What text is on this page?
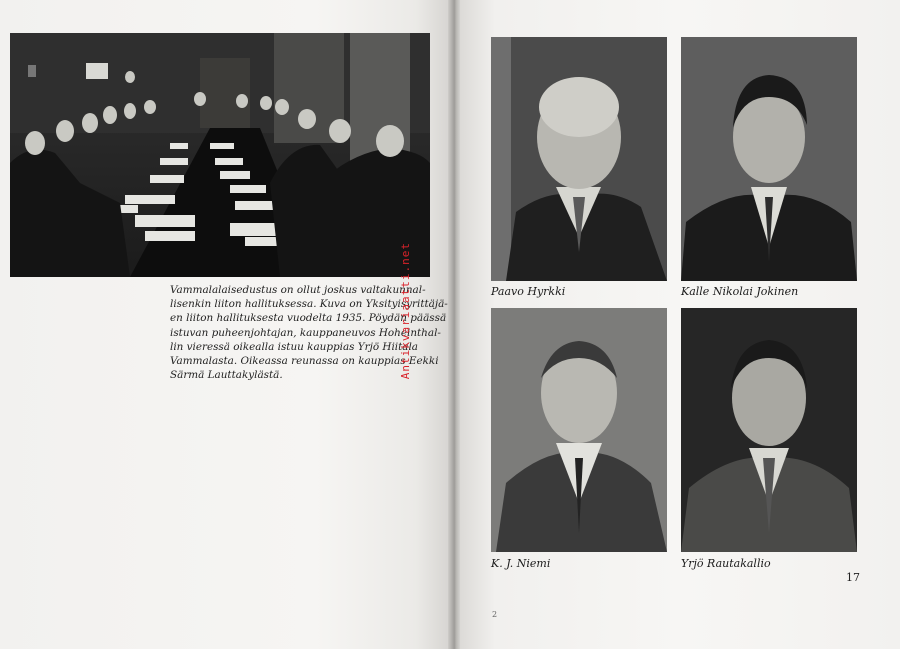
Vammalalaisedustus on ollut joskus valtakunnal-
lisenkin liiton hallituksessa. Kuva on Yksityisyrittäjä-
en liiton hallituksesta vuodelta 1935. Pöydän päässä
istuvan puheenjohtajan, kauppaneuvos Hoheinthal-
lin vieressä oikealla istuu kauppias Yrjö Hiitala
Vammalasta. Oikeassa reunassa on kauppias Eekki
Särmä Lauttakylästä.	Antikvariaatti.net	Paavo Hyrkki	Kalle Nikolai Jokinen
K. J. Niemi	Yrjö Rautakallio
17
2
